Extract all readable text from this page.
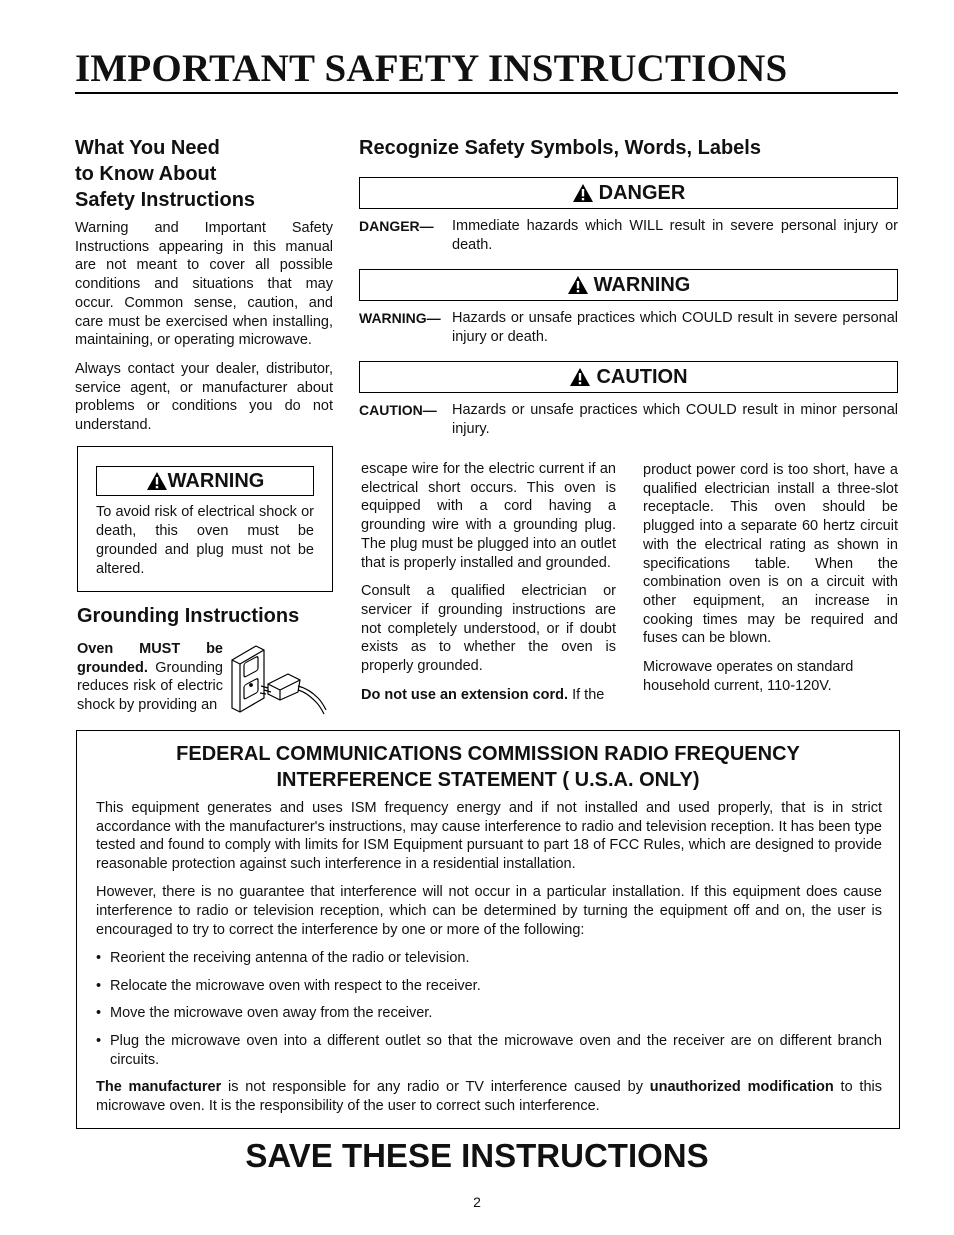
IMPORTANT SAFETY INSTRUCTIONS
What You Need
to Know About
Safety Instructions

Warning and Important Safety Instructions appearing in this manual are not meant to cover all possible conditions and situations that may occur. Common sense, caution, and care must be exercised when installing, maintaining, or operating microwave.

Always contact your dealer, distributor, service agent, or manufacturer about problems or conditions you do not understand.

WARNING
To avoid risk of electrical shock or death, this oven must be grounded and plug must not be altered.
Grounding Instructions
Oven MUST be grounded. Grounding reduces risk of electric shock by providing an
Recognize Safety Symbols, Words, Labels
DANGER
DANGER—	Immediate hazards which WILL result in severe personal injury or death.
WARNING
WARNING— Hazards or unsafe practices which COULD result in severe personal injury or death.
CAUTION
CAUTION—	Hazards or unsafe practices which COULD result in minor personal injury.

escape wire for the electric current if an electrical short occurs. This oven is equipped with a cord having a grounding wire with a grounding plug. The plug must be plugged into an outlet that is properly installed and grounded.

Consult a qualified electrician or servicer if grounding instructions are not completely understood, or if doubt exists as to whether the oven is properly grounded.

Do not use an extension cord. If the

product power cord is too short, have a qualified electrician install a three-slot receptacle. This oven should be plugged into a separate 60 hertz circuit with the electrical rating as shown in specifications table. When the combination oven is on a circuit with other equipment, an increase in cooking times may be required and fuses can be blown.

Microwave operates on standard household current, 110-120V.

FEDERAL COMMUNICATIONS COMMISSION RADIO FREQUENCY
INTERFERENCE STATEMENT ( U.S.A. ONLY)

This equipment generates and uses ISM frequency energy and if not installed and used properly, that is in strict accordance with the manufacturer's instructions, may cause interference to radio and television reception. It has been type tested and found to comply with limits for ISM Equipment pursuant to part 18 of FCC Rules, which are designed to provide reasonable protection against such interference in a residential installation.

However, there is no guarantee that interference will not occur in a particular installation. If this equipment does cause interference to radio or television reception, which can be determined by turning the equipment off and on, the user is encouraged to try to correct the interference by one or more of the following:

• Reorient the receiving antenna of the radio or television.
• Relocate the microwave oven with respect to the receiver.
• Move the microwave oven away from the receiver.
• Plug the microwave oven into a different outlet so that the microwave oven and the receiver are on different branch circuits.

The manufacturer is not responsible for any radio or TV interference caused by unauthorized modification to this microwave oven. It is the responsibility of the user to correct such interference.

SAVE THESE INSTRUCTIONS
2
